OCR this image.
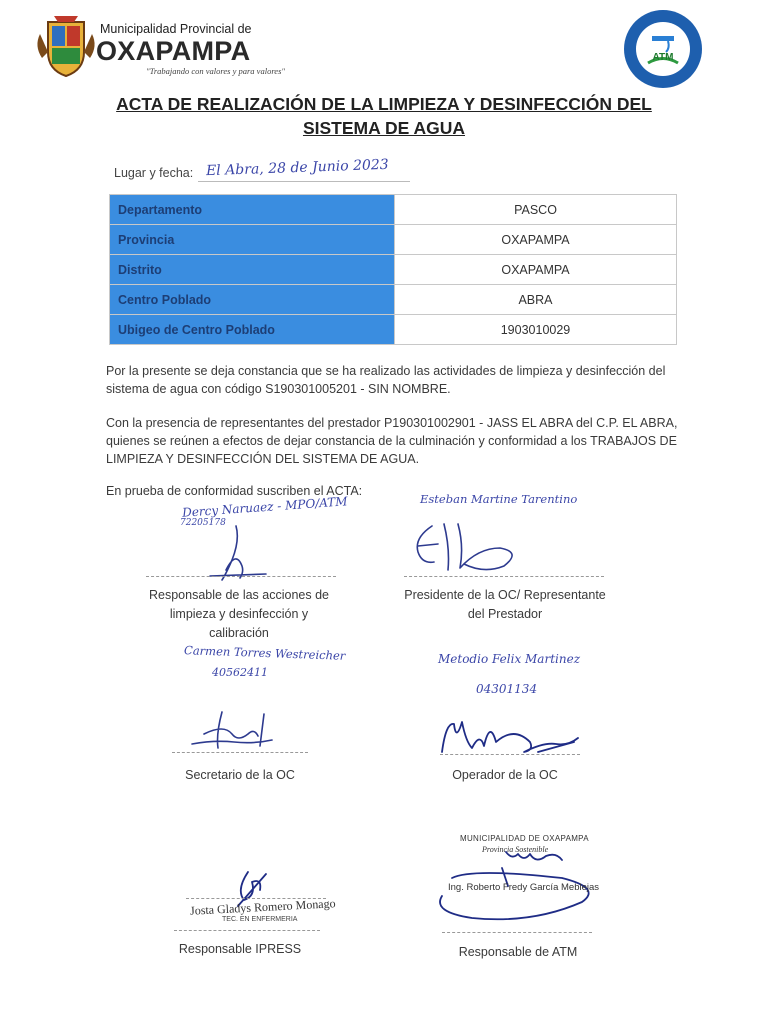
Municipalidad Provincial de
OXAPAMPA
"Trabajando con valores y para valores"
ATM
ACTA DE REALIZACIÓN DE LA LIMPIEZA Y DESINFECCIÓN DEL
SISTEMA DE AGUA
Lugar y fecha: El Abra, 28 de Junio 2023
Departamento	PASCO
Provincia	OXAPAMPA
Distrito	OXAPAMPA
Centro Poblado	ABRA
Ubigeo de Centro Poblado	1903010029
Por la presente se deja constancia que se ha realizado las actividades de limpieza y desinfección del sistema de agua con código S190301005201 - SIN NOMBRE.
Con la presencia de representantes del prestador P190301002901 - JASS EL ABRA del C.P. EL ABRA, quienes se reúnen a efectos de dejar constancia de la culminación y conformidad a los TRABAJOS DE LIMPIEZA Y DESINFECCIÓN DEL SISTEMA DE AGUA.
En prueba de conformidad suscriben el ACTA:
Dercy Naruaez - MPO/ATM
72205178
Responsable de las acciones de
limpieza y desinfección y
calibración
Esteban Martine Tarentino
Presidente de la OC/ Representante
del Prestador
Carmen Torres Westreicher
40562411
Secretario de la OC
Metodio Felix Martinez
04301134
Operador de la OC
Josta Gladys Romero Monago
TEC. EN ENFERMERIA
Responsable IPRESS
MUNICIPALIDAD DE OXAPAMPA
Provincia Sostenible
Ing. Roberto Fredy García Meblejas
Responsable de ATM
